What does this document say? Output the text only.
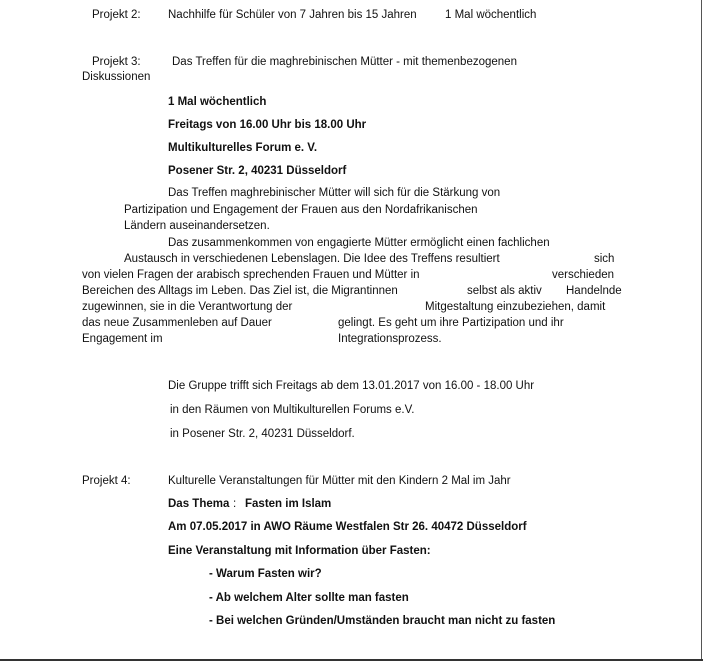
Projekt 2: Nachhilfe für Schüler von 7 Jahren bis 15 Jahren 1 Mal wöchentlich
Projekt 3:	Das Treffen für die maghrebinischen Mütter - mit themenbezogenen
Diskussionen
1 Mal wöchentlich
Freitags von 16.00 Uhr bis 18.00 Uhr
Multikulturelles Forum e. V.
Posener Str. 2, 40231 Düsseldorf
Das Treffen maghrebinischer Mütter will sich für die Stärkung von
Partizipation und Engagement der Frauen aus den Nordafrikanischen
Ländern auseinandersetzen.
Das zusammenkommen von engagierte Mütter ermöglicht einen fachlichen
Austausch in verschiedenen Lebenslagen. Die Idee des Treffens resultiert	sich
von vielen Fragen der arabisch sprechenden Frauen und Mütter in	verschieden
Bereichen des Alltags im Leben. Das Ziel ist, die Migrantinnen	selbst als aktiv Handelnde
zugewinnen, sie in die Verantwortung der	Mitgestaltung einzubeziehen, damit
das neue Zusammenleben auf Dauer	gelingt. Es geht um ihre Partizipation und ihr
Engagement im	Integrationsprozess.
Die Gruppe trifft sich Freitags ab dem 13.01.2017 von 16.00 - 18.00 Uhr
in den Räumen von Multikulturellen Forums e.V.
in Posener Str. 2, 40231 Düsseldorf.
Projekt 4:	Kulturelle Veranstaltungen für Mütter mit den Kindern 2 Mal im Jahr
Das Thema : Fasten im Islam
Am 07.05.2017 in AWO Räume Westfalen Str 26. 40472 Düsseldorf
Eine Veranstaltung mit Information über Fasten:
- Warum Fasten wir?
- Ab welchem Alter sollte man fasten
- Bei welchen Gründen/Umständen braucht man nicht zu fasten
